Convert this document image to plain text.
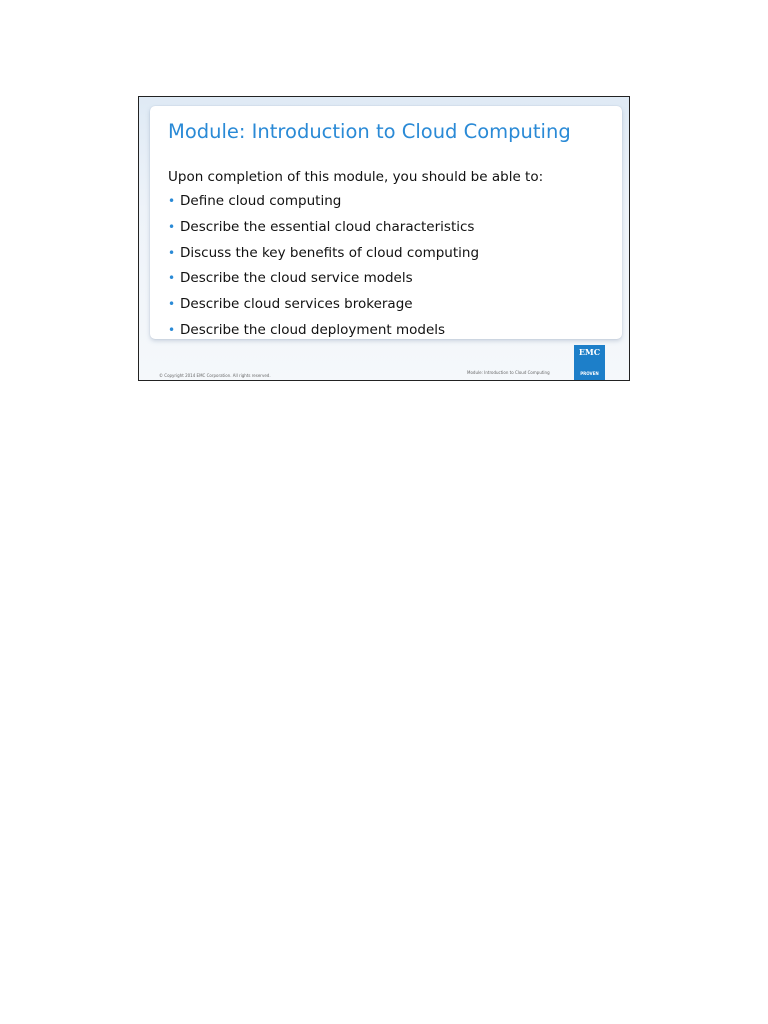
Module: Introduction to Cloud Computing

Upon completion of this module, you should be able to:

• Define cloud computing
• Describe the essential cloud characteristics
• Discuss the key benefits of cloud computing
• Describe the cloud service models
• Describe cloud services brokerage
• Describe the cloud deployment models
© Copyright 2014 EMC Corporation. All rights reserved.
Module: Introduction to Cloud Computing
EMC
PROVEN
